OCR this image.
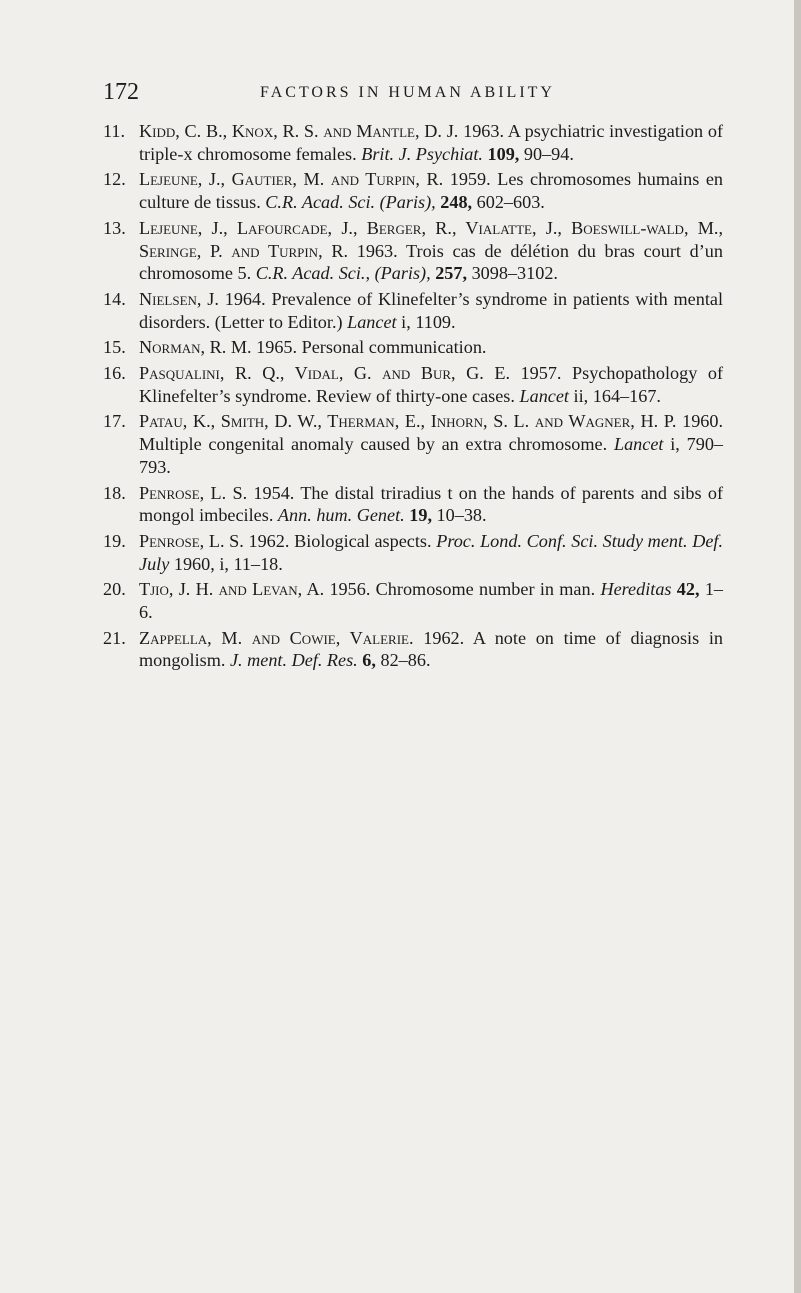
172	FACTORS IN HUMAN ABILITY
11. Kidd, C. B., Knox, R. S. and Mantle, D. J. 1963. A psychiatric investigation of triple-x chromosome females. Brit. J. Psychiat. 109, 90–94.
12. Lejeune, J., Gautier, M. and Turpin, R. 1959. Les chromosomes humains en culture de tissus. C.R. Acad. Sci. (Paris), 248, 602–603.
13. Lejeune, J., Lafourcade, J., Berger, R., Vialatte, J., Boeswill-wald, M., Seringe, P. and Turpin, R. 1963. Trois cas de délétion du bras court d’un chromosome 5. C.R. Acad. Sci., (Paris), 257, 3098–3102.
14. Nielsen, J. 1964. Prevalence of Klinefelter’s syndrome in patients with mental disorders. (Letter to Editor.) Lancet i, 1109.
15. Norman, R. M. 1965. Personal communication.
16. Pasqualini, R. Q., Vidal, G. and Bur, G. E. 1957. Psychopathology of Klinefelter’s syndrome. Review of thirty-one cases. Lancet ii, 164–167.
17. Patau, K., Smith, D. W., Therman, E., Inhorn, S. L. and Wagner, H. P. 1960. Multiple congenital anomaly caused by an extra chromosome. Lancet i, 790–793.
18. Penrose, L. S. 1954. The distal triradius t on the hands of parents and sibs of mongol imbeciles. Ann. hum. Genet. 19, 10–38.
19. Penrose, L. S. 1962. Biological aspects. Proc. Lond. Conf. Sci. Study ment. Def. July 1960, i, 11–18.
20. Tjio, J. H. and Levan, A. 1956. Chromosome number in man. Hereditas 42, 1–6.
21. Zappella, M. and Cowie, Valerie. 1962. A note on time of diagnosis in mongolism. J. ment. Def. Res. 6, 82–86.
